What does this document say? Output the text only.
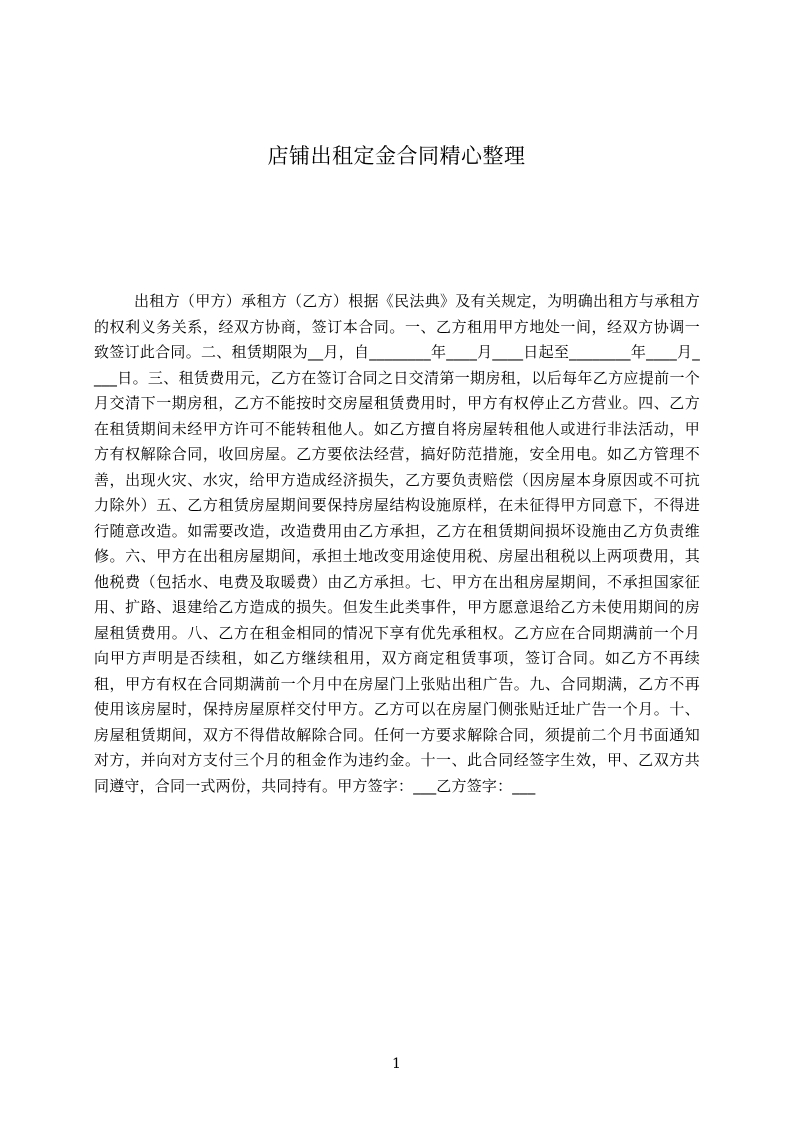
店铺出租定金合同精心整理

出租方（甲方）承租方（乙方）根据《民法典》及有关规定，为明确出租方与承租方的权利义务关系，经双方协商，签订本合同。一、乙方租用甲方地处一间，经双方协调一致签订此合同。二、租赁期限为__月，自________年____月____日起至________年____月____日。三、租赁费用元，乙方在签订合同之日交清第一期房租，以后每年乙方应提前一个月交清下一期房租，乙方不能按时交房屋租赁费用时，甲方有权停止乙方营业。四、乙方在租赁期间未经甲方许可不能转租他人。如乙方擅自将房屋转租他人或进行非法活动，甲方有权解除合同，收回房屋。乙方要依法经营，搞好防范措施，安全用电。如乙方管理不善，出现火灾、水灾，给甲方造成经济损失，乙方要负责赔偿（因房屋本身原因或不可抗力除外）五、乙方租赁房屋期间要保持房屋结构设施原样，在未征得甲方同意下，不得进行随意改造。如需要改造，改造费用由乙方承担，乙方在租赁期间损坏设施由乙方负责维修。六、甲方在出租房屋期间，承担土地改变用途使用税、房屋出租税以上两项费用，其他税费（包括水、电费及取暖费）由乙方承担。七、甲方在出租房屋期间，不承担国家征用、扩路、退建给乙方造成的损失。但发生此类事件，甲方愿意退给乙方未使用期间的房屋租赁费用。八、乙方在租金相同的情况下享有优先承租权。乙方应在合同期满前一个月向甲方声明是否续租，如乙方继续租用，双方商定租赁事项，签订合同。如乙方不再续租，甲方有权在合同期满前一个月中在房屋门上张贴出租广告。九、合同期满，乙方不再使用该房屋时，保持房屋原样交付甲方。乙方可以在房屋门侧张贴迁址广告一个月。十、房屋租赁期间，双方不得借故解除合同。任何一方要求解除合同，须提前二个月书面通知对方，并向对方支付三个月的租金作为违约金。十一、此合同经签字生效，甲、乙双方共同遵守，合同一式两份，共同持有。甲方签字：___乙方签字：___

1
